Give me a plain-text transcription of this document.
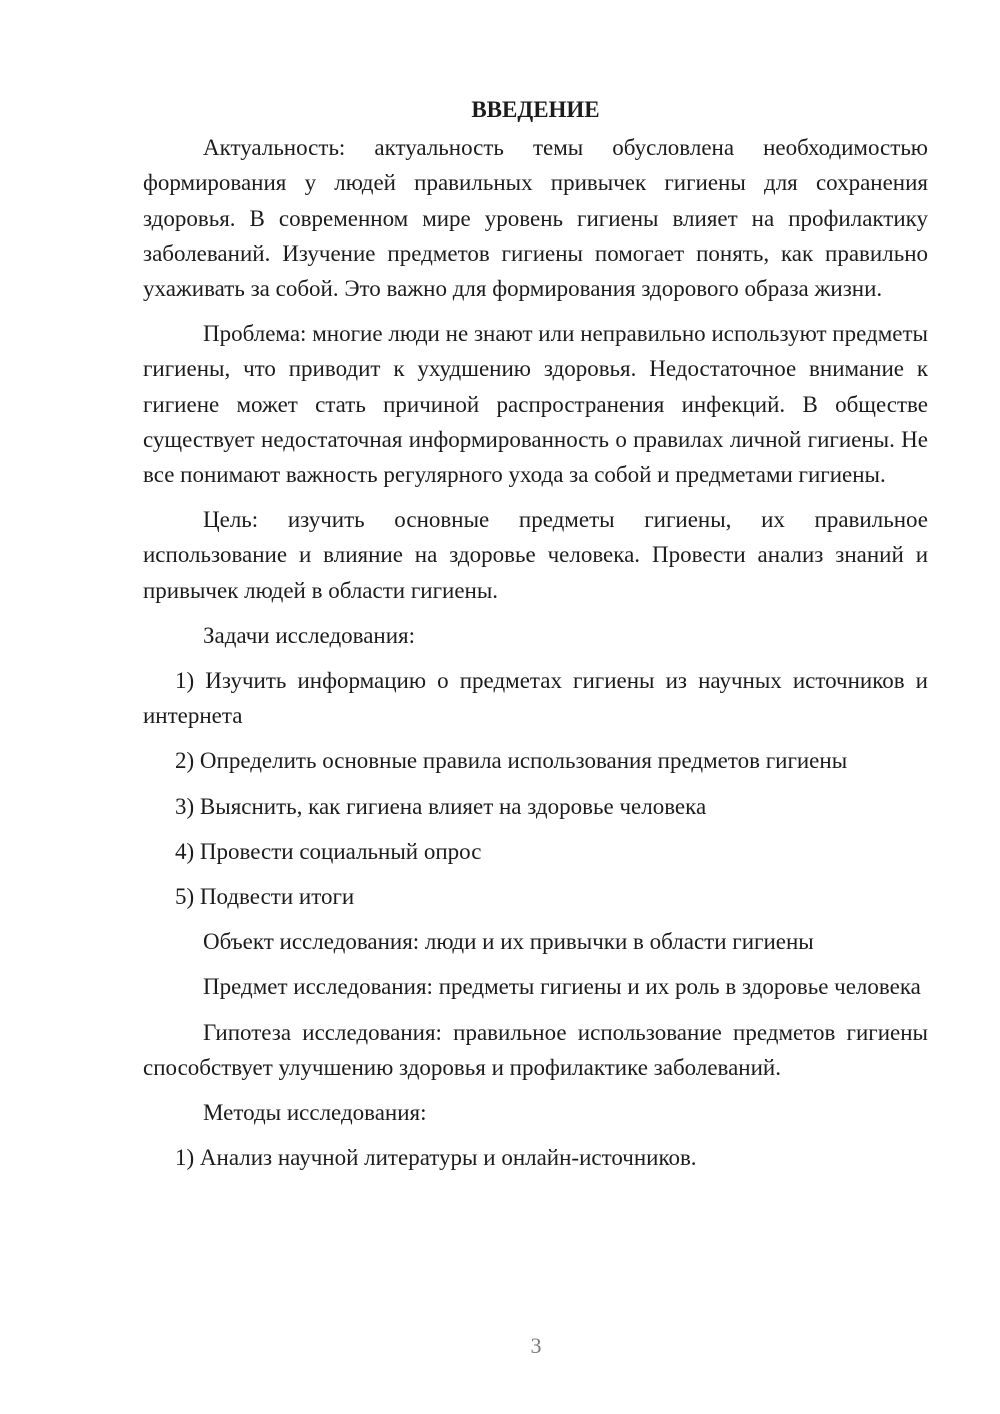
ВВЕДЕНИЕ

Актуальность: актуальность темы обусловлена необходимостью формирования у людей правильных привычек гигиены для сохранения здоровья. В современном мире уровень гигиены влияет на профилактику заболеваний. Изучение предметов гигиены помогает понять, как правильно ухаживать за собой. Это важно для формирования здорового образа жизни.

Проблема: многие люди не знают или неправильно используют предметы гигиены, что приводит к ухудшению здоровья. Недостаточное внимание к гигиене может стать причиной распространения инфекций. В обществе существует недостаточная информированность о правилах личной гигиены. Не все понимают важность регулярного ухода за собой и предметами гигиены.

Цель: изучить основные предметы гигиены, их правильное использование и влияние на здоровье человека. Провести анализ знаний и привычек людей в области гигиены.

Задачи исследования:

1) Изучить информацию о предметах гигиены из научных источников и интернета

2) Определить основные правила использования предметов гигиены

3) Выяснить, как гигиена влияет на здоровье человека

4) Провести социальный опрос

5) Подвести итоги

Объект исследования: люди и их привычки в области гигиены

Предмет исследования: предметы гигиены и их роль в здоровье человека

Гипотеза исследования: правильное использование предметов гигиены способствует улучшению здоровья и профилактике заболеваний.

Методы исследования:

1) Анализ научной литературы и онлайн-источников.

3
